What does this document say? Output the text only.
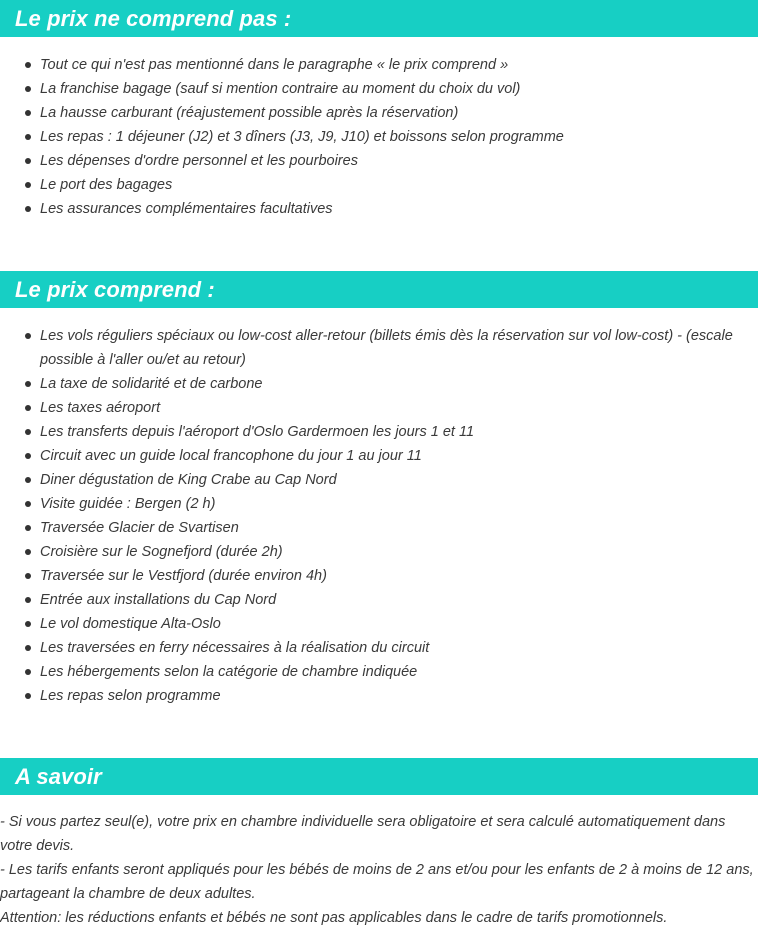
Le prix ne comprend pas :
Tout ce qui n'est pas mentionné dans le paragraphe « le prix comprend »
La franchise bagage (sauf si mention contraire au moment du choix du vol)
La hausse carburant (réajustement possible après la réservation)
Les repas : 1 déjeuner (J2) et 3 dîners (J3, J9, J10) et boissons selon programme
Les dépenses d'ordre personnel et les pourboires
Le port des bagages
Les assurances complémentaires facultatives
Le prix comprend :
Les vols réguliers spéciaux ou low-cost aller-retour (billets émis dès la réservation sur vol low-cost) - (escale possible à l'aller ou/et au retour)
La taxe de solidarité et de carbone
Les taxes aéroport
Les transferts depuis l'aéroport d'Oslo Gardermoen les jours 1 et 11
Circuit avec un guide local francophone du jour 1 au jour 11
Diner dégustation de King Crabe au Cap Nord
Visite guidée : Bergen (2 h)
Traversée Glacier de Svartisen
Croisière sur le Sognefjord (durée 2h)
Traversée sur le Vestfjord (durée environ 4h)
Entrée aux installations du Cap Nord
Le vol domestique Alta-Oslo
Les traversées en ferry nécessaires à la réalisation du circuit
Les hébergements selon la catégorie de chambre indiquée
Les repas selon programme
A savoir

- Si vous partez seul(e), votre prix en chambre individuelle sera obligatoire et sera calculé automatiquement dans votre devis.

- Les tarifs enfants seront appliqués pour les bébés de moins de 2 ans et/ou pour les enfants de 2 à moins de 12 ans, partageant la chambre de deux adultes.

Attention: les réductions enfants et bébés ne sont pas applicables dans le cadre de tarifs promotionnels.
